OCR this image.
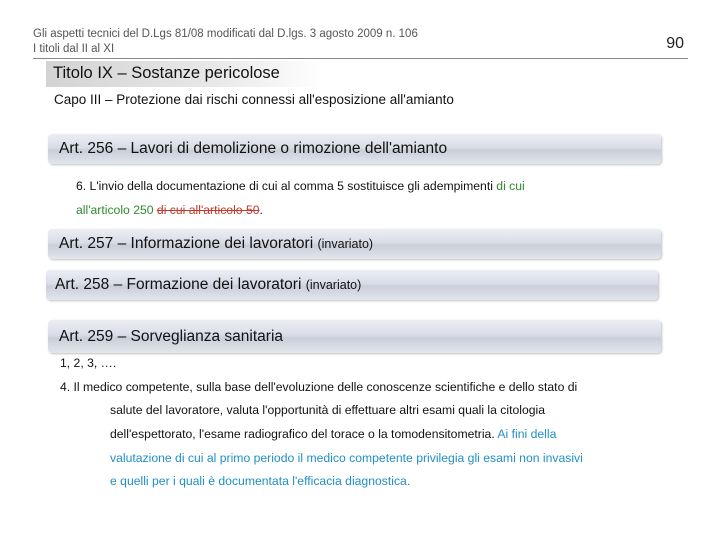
Gli aspetti tecnici del D.Lgs 81/08 modificati dal D.lgs. 3 agosto 2009 n. 106
I titoli dal II al XI	90
Titolo IX – Sostanze pericolose
Capo III – Protezione dai rischi connessi all'esposizione all'amianto
Art. 256 – Lavori di demolizione o rimozione dell'amianto
6. L'invio della documentazione di cui al comma 5 sostituisce gli adempimenti di cui
all'articolo 250 di cui all'articolo 50.
Art. 257 – Informazione dei lavoratori (invariato)
Art. 258 – Formazione dei lavoratori (invariato)
Art. 259 – Sorveglianza sanitaria
1, 2, 3, ….
4. Il medico competente, sulla base dell'evoluzione delle conoscenze scientifiche e dello stato di
salute del lavoratore, valuta l'opportunità di effettuare altri esami quali la citologia
dell'espettorato, l'esame radiografico del torace o la tomodensitometria. Ai fini della
valutazione di cui al primo periodo il medico competente privilegia gli esami non invasivi
e quelli per i quali è documentata l'efficacia diagnostica.
